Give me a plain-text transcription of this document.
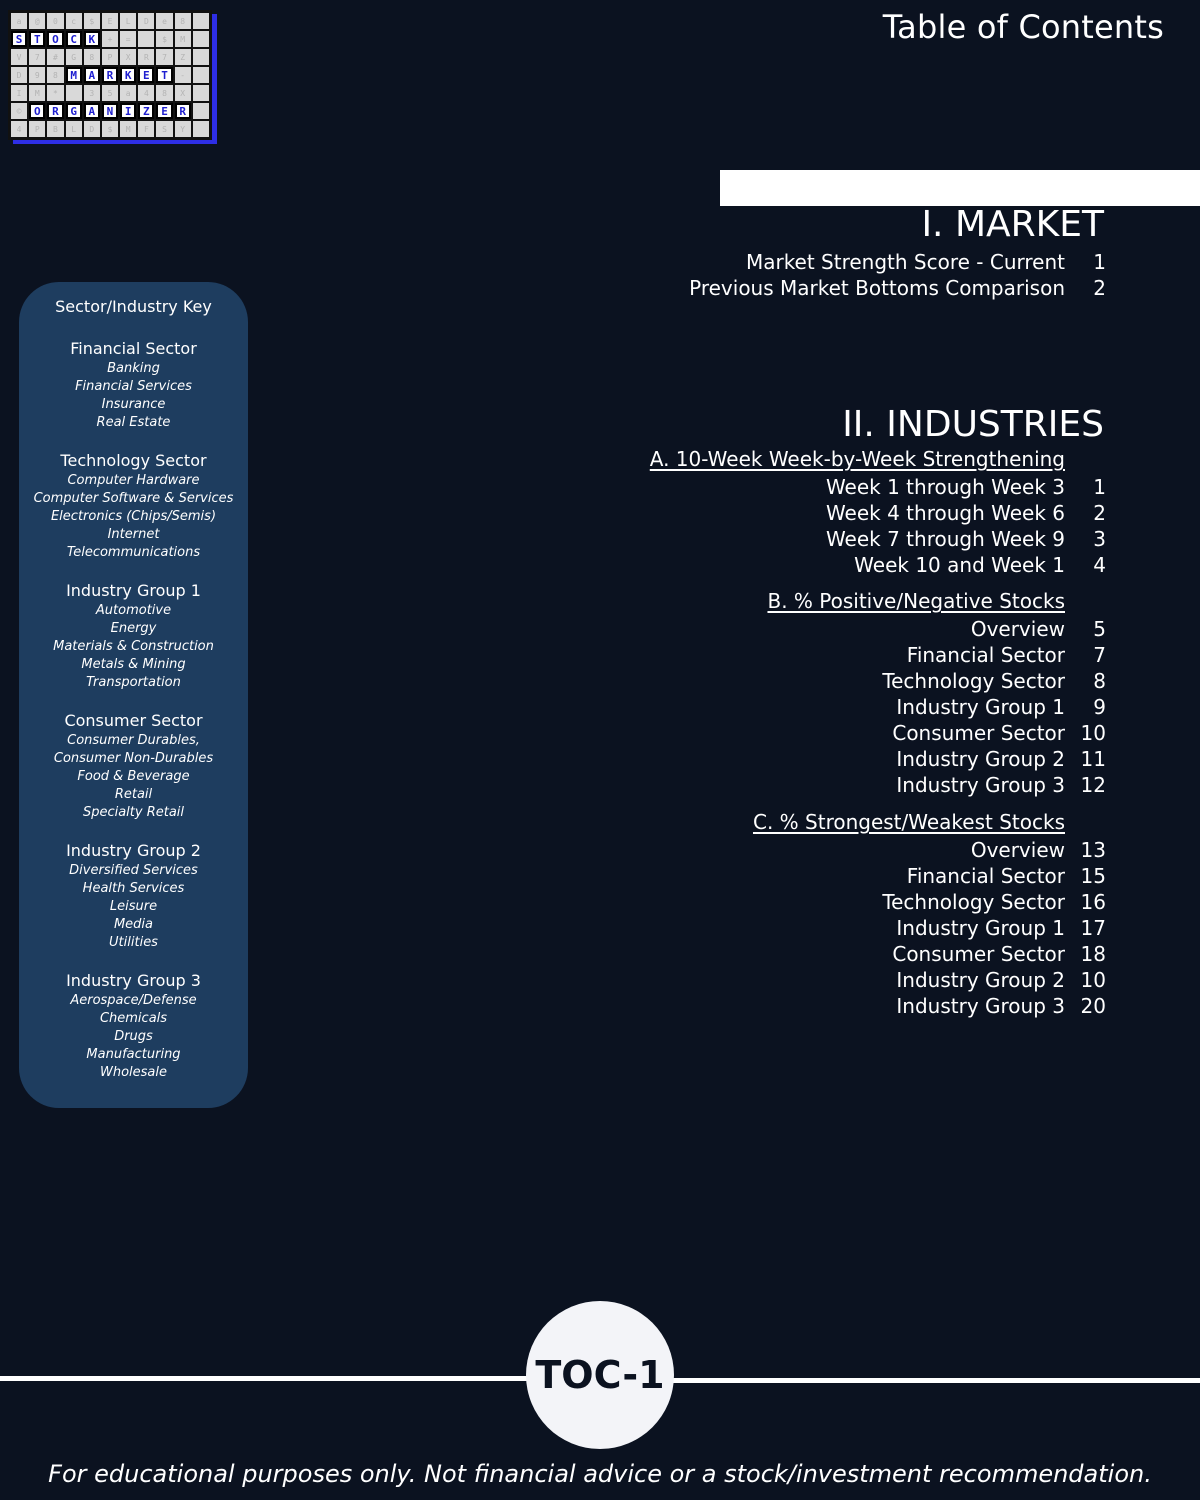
a	@	0	c	$	E	L	D	e	8
S	T	O	C	K	+	=	$	M
V	7	#	G	8	P	X	R	7	Z
D	9	8	M	A	R	K	E	T	-
I	M	*	3	5	a	4	8	X
©	O	R	G	A	N	I	Z	E	R
4	P	B	L	D	$	M	F	S	Y
Table of Contents
Sector/Industry Key
Financial Sector
Banking
Financial Services
Insurance
Real Estate
Technology Sector
Computer Hardware
Computer Software & Services
Electronics (Chips/Semis)
Internet
Telecommunications
Industry Group 1
Automotive
Energy
Materials & Construction
Metals & Mining
Transportation
Consumer Sector
Consumer Durables,
Consumer Non-Durables
Food & Beverage
Retail
Specialty Retail
Industry Group 2
Diversified Services
Health Services
Leisure
Media
Utilities
Industry Group 3
Aerospace/Defense
Chemicals
Drugs
Manufacturing
Wholesale
I. MARKET
Market Strength Score - Current	1
Previous Market Bottoms Comparison	2
II. INDUSTRIES
A. 10-Week Week-by-Week Strengthening
Week 1 through Week 3	1
Week 4 through Week 6	2
Week 7 through Week 9	3
Week 10 and Week 1	4
B. % Positive/Negative Stocks
Overview	5
Financial Sector	7
Technology Sector	8
Industry Group 1	9
Consumer Sector 10
Industry Group 2 11
Industry Group 3 12
C. % Strongest/Weakest Stocks
Overview 13
Financial Sector 15
Technology Sector 16
Industry Group 1 17
Consumer Sector 18
Industry Group 2 10
Industry Group 3 20
TOC-1
For educational purposes only. Not financial advice or a stock/investment recommendation.
